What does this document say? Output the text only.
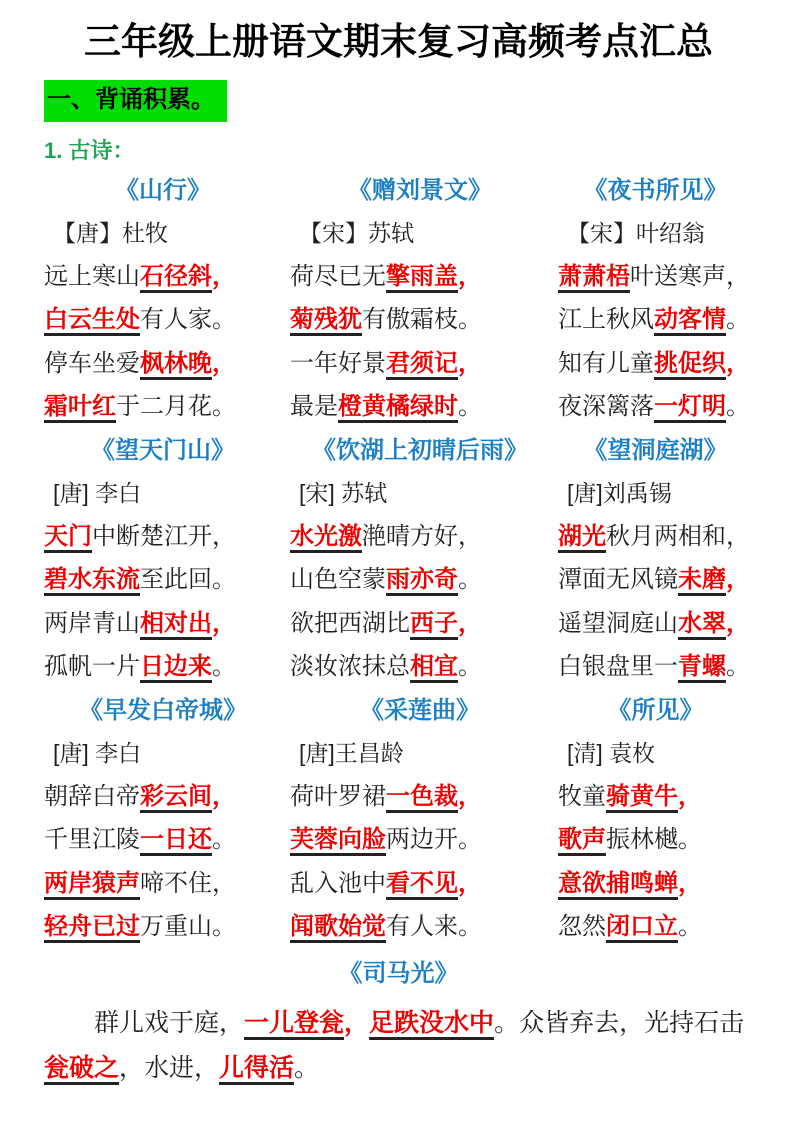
三年级上册语文期末复习高频考点汇总
一、背诵积累。
1. 古诗：
《山行》
【唐】杜牧
远上寒山石径斜，
白云生处有人家。
停车坐爱枫林晚，
霜叶红于二月花。
《赠刘景文》
【宋】苏轼
荷尽已无擎雨盖，
菊残犹有傲霜枝。
一年好景君须记，
最是橙黄橘绿时。
《夜书所见》
【宋】叶绍翁
萧萧梧叶送寒声，
江上秋风动客情。
知有儿童挑促织，
夜深篱落一灯明。
《望天门山》
[唐] 李白
天门中断楚江开，
碧水东流至此回。
两岸青山相对出，
孤帆一片日边来。
《饮湖上初晴后雨》
[宋] 苏轼
水光激滟晴方好，
山色空蒙雨亦奇。
欲把西湖比西子，
淡妆浓抹总相宜。
《望洞庭湖》
[唐]刘禹锡
湖光秋月两相和，
潭面无风镜未磨，
遥望洞庭山水翠，
白银盘里一青螺。
《早发白帝城》
[唐] 李白
朝辞白帝彩云间，
千里江陵一日还。
两岸猿声啼不住，
轻舟已过万重山。
《采莲曲》
[唐]王昌龄
荷叶罗裙一色裁，
芙蓉向脸两边开。
乱入池中看不见，
闻歌始觉有人来。
《所见》
[清] 袁枚
牧童骑黄牛，
歌声振林樾。
意欲捕鸣蝉，
忽然闭口立。
《司马光》

群儿戏于庭，一儿登瓮，足跌没水中。众皆弃去，光持石击瓮破之，水进，儿得活。
